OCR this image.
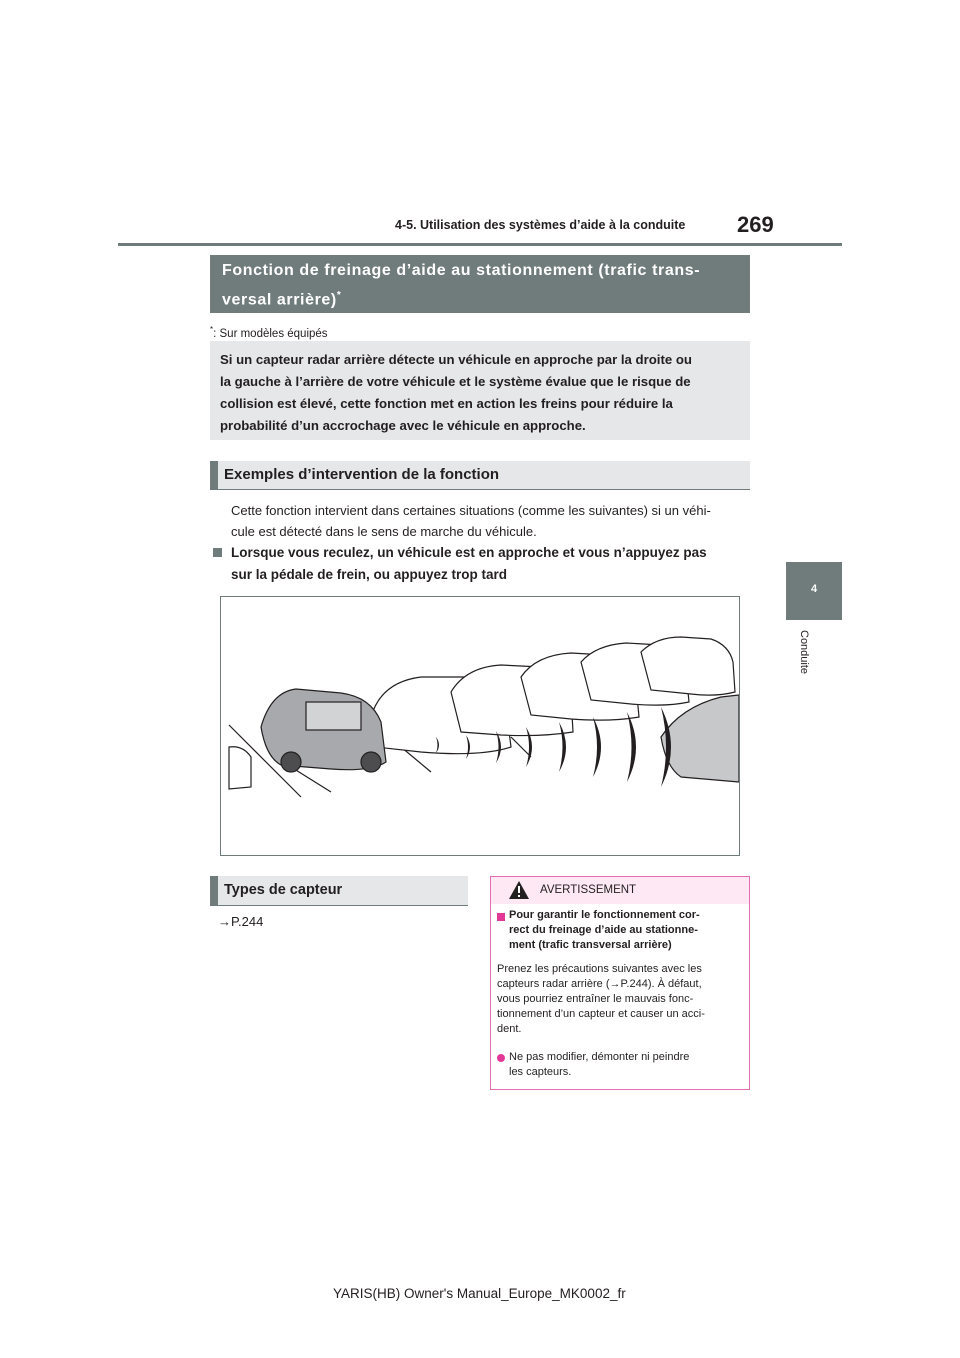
4-5. Utilisation des systèmes d’aide à la conduite 269
4
Conduite
Fonction de freinage d’aide au stationnement (trafic trans-
versal arrière)*
*: Sur modèles équipés
Si un capteur radar arrière détecte un véhicule en approche par la droite ou
la gauche à l’arrière de votre véhicule et le système évalue que le risque de
collision est élevé, cette fonction met en action les freins pour réduire la
probabilité d’un accrochage avec le véhicule en approche.
Exemples d’intervention de la fonction
Cette fonction intervient dans certaines situations (comme les suivantes) si un véhi-
cule est détecté dans le sens de marche du véhicule.
Lorsque vous reculez, un véhicule est en approche et vous n’appuyez pas
sur la pédale de frein, ou appuyez trop tard
Types de capteur
→P.244
AVERTISSEMENT
Pour garantir le fonctionnement cor-
rect du freinage d’aide au stationne-
ment (trafic transversal arrière)
Prenez les précautions suivantes avec les
capteurs radar arrière (→P.244). À défaut,
vous pourriez entraîner le mauvais fonc-
tionnement d’un capteur et causer un acci-
dent.
Ne pas modifier, démonter ni peindre
les capteurs.
YARIS(HB) Owner's Manual_Europe_MK0002_fr
